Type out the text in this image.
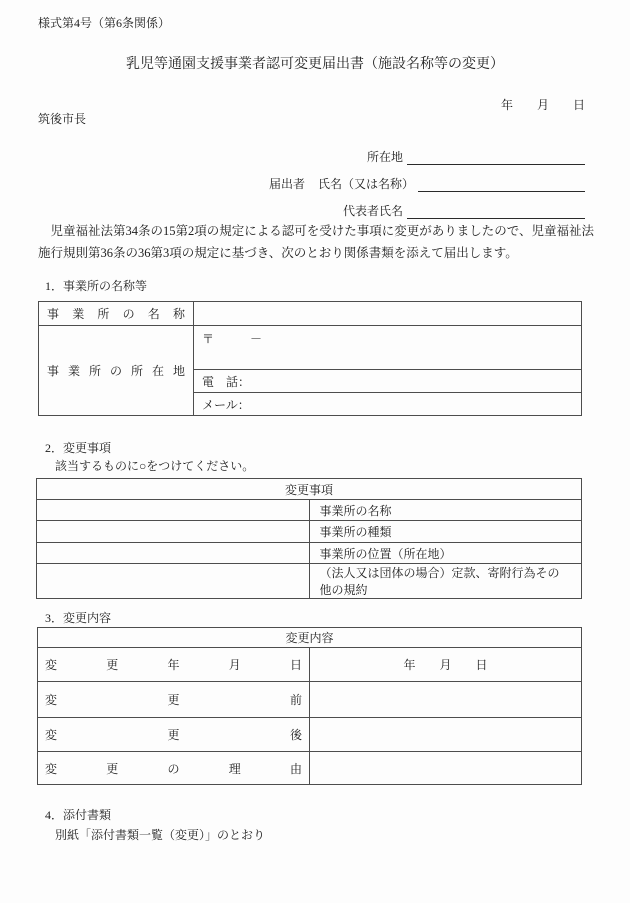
様式第4号（第6条関係）
乳児等通園支援事業者認可変更届出書（施設名称等の変更）
年　　月　　日
筑後市長
所在地
届出者 氏名（又は名称）
代表者氏名
　児童福祉法第34条の15第2項の規定による認可を受けた事項に変更がありましたので、児童福祉法
施行規則第36条の36第3項の規定に基づき、次のとおり関係書類を添えて届出します。
1．事業所の名称等
事業所の名称	
事業所の所在地	〒　　　－
	電　話：
	メール：
2．変更事項
該当するものに○をつけてください。
変更事項	
	事業所の名称
	事業所の種類
	事業所の位置（所在地）
	（法人又は団体の場合）定款、寄附行為その他の規約
3．変更内容
変更内容	
変更年月日	年　　月　　日
変　更　前	
変　更　後	
変更の理由	
4．添付書類
別紙「添付書類一覧（変更）」のとおり
